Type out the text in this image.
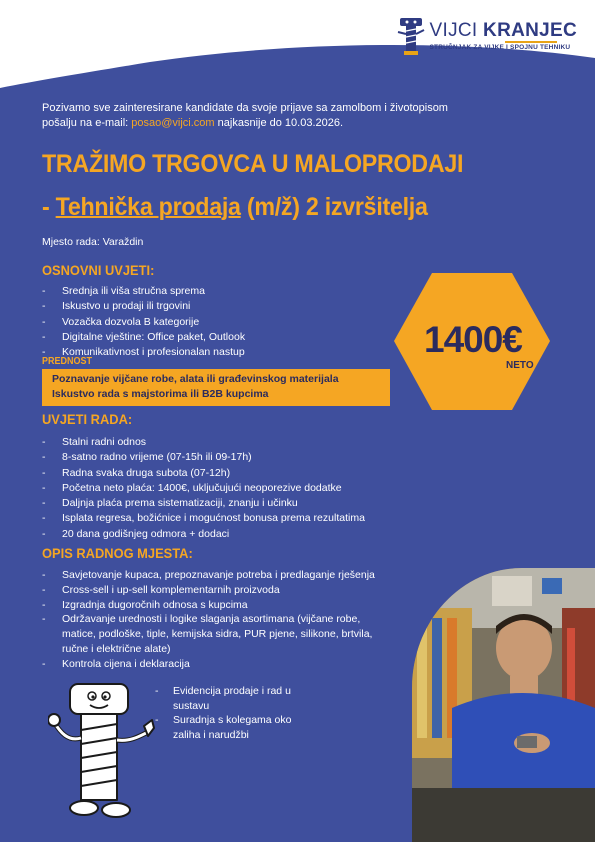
VIJCI KRANJEC
STRUČNJAK ZA VIJKE I SPOJNU TEHNIKU
Pozivamo sve zainteresirane kandidate da svoje prijave sa zamolbom i životopisom
pošalju na e-mail: posao@vijci.com najkasnije do 10.03.2026.
TRAŽIMO TRGOVCA U MALOPRODAJI
- Tehnička prodaja (m/ž) 2 izvršitelja
Mjesto rada: Varaždin
OSNOVNI UVJETI:
- Srednja ili viša stručna sprema
- Iskustvo u prodaji ili trgovini
- Vozačka dozvola B kategorije
- Digitalne vještine: Office paket, Outlook
- Komunikativnost i profesionalan nastup
PREDNOST
Poznavanje vijčane robe, alata ili građevinskog materijala
Iskustvo rada s majstorima ili B2B kupcima
1400€
NETO
UVJETI RADA:
- Stalni radni odnos
- 8-satno radno vrijeme (07-15h ili 09-17h)
- Radna svaka druga subota (07-12h)
- Početna neto plaća: 1400€, uključujući neoporezive dodatke
- Daljnja plaća prema sistematizaciji, znanju i učinku
- Isplata regresa, božićnice i mogućnost bonusa prema rezultatima
- 20 dana godišnjeg odmora + dodaci
OPIS RADNOG MJESTA:
- Savjetovanje kupaca, prepoznavanje potreba i predlaganje rješenja
- Cross-sell i up-sell komplementarnih proizvoda
- Izgradnja dugoročnih odnosa s kupcima
- Održavanje urednosti i logike slaganja asortimana (vijčane robe, matice, podloške, tiple, kemijska sidra, PUR pjene, silikone, brtvila, ručne i električne alate)
- Kontrola cijena i deklaracija
- Evidencija prodaje i rad u sustavu
- Suradnja s kolegama oko zaliha i narudžbi
